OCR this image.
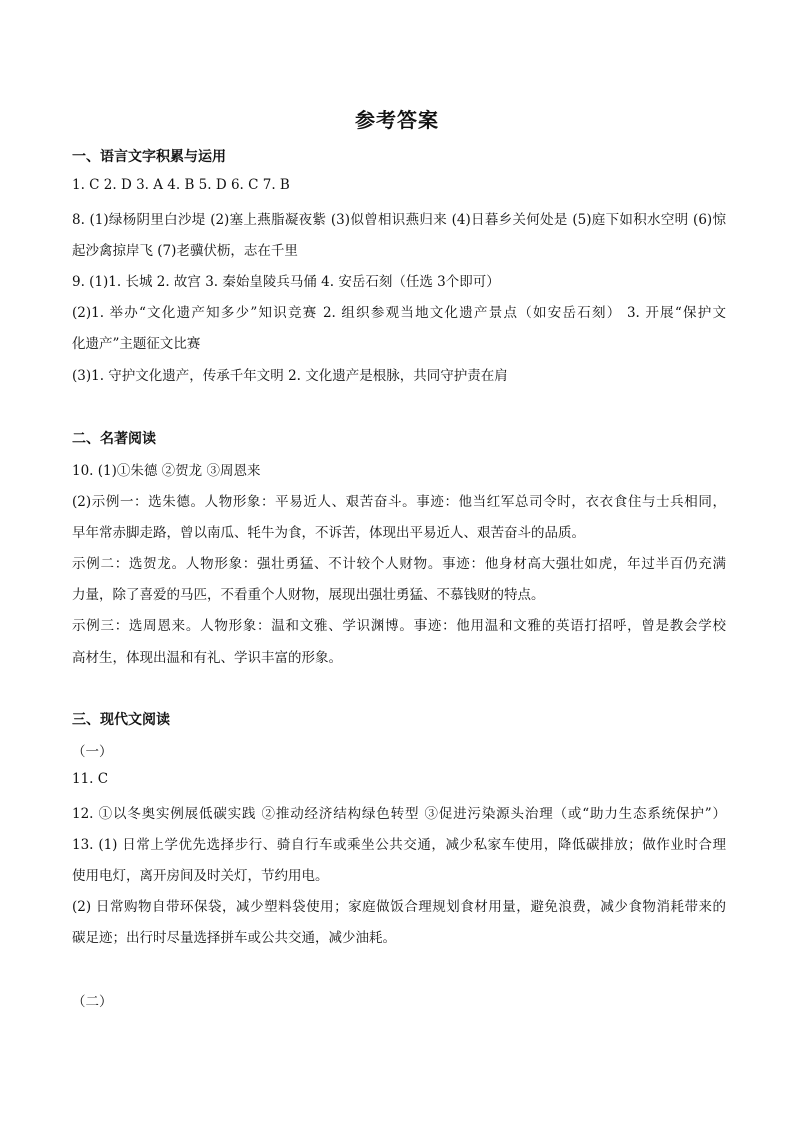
参考答案
一、语言文字积累与运用
1. C 2. D 3. A 4. B 5. D 6. C 7. B
8. (1)绿杨阴里白沙堤 (2)塞上燕脂凝夜紫 (3)似曾相识燕归来 (4)日暮乡关何处是 (5)庭下如积水空明 (6)惊
起沙禽掠岸飞 (7)老骥伏枥，志在千里
9. (1)1. 长城 2. 故宫 3. 秦始皇陵兵马俑 4. 安岳石刻（任选 3个即可）
(2)1. 举办“文化遗产知多少”知识竞赛 2. 组织参观当地文化遗产景点（如安岳石刻） 3. 开展“保护文
化遗产”主题征文比赛
(3)1. 守护文化遗产，传承千年文明 2. 文化遗产是根脉，共同守护责在肩
二、名著阅读
10. (1)①朱德 ②贺龙 ③周恩来
(2)示例一：选朱德。人物形象：平易近人、艰苦奋斗。事迹：他当红军总司令时，衣衣食住与士兵相同，
早年常赤脚走路，曾以南瓜、牦牛为食，不诉苦，体现出平易近人、艰苦奋斗的品质。
示例二：选贺龙。人物形象：强壮勇猛、不计较个人财物。事迹：他身材高大强壮如虎，年过半百仍充满
力量，除了喜爱的马匹，不看重个人财物，展现出强壮勇猛、不慕钱财的特点。
示例三：选周恩来。人物形象：温和文雅、学识渊博。事迹：他用温和文雅的英语打招呼，曾是教会学校
高材生，体现出温和有礼、学识丰富的形象。
三、现代文阅读
（一）
11. C
12. ①以冬奥实例展低碳实践 ②推动经济结构绿色转型 ③促进污染源头治理（或“助力生态系统保护”）
13. (1) 日常上学优先选择步行、骑自行车或乘坐公共交通，减少私家车使用，降低碳排放；做作业时合理
使用电灯，离开房间及时关灯，节约用电。
(2) 日常购物自带环保袋，减少塑料袋使用；家庭做饭合理规划食材用量，避免浪费，减少食物消耗带来的
碳足迹；出行时尽量选择拼车或公共交通，减少油耗。
（二）
